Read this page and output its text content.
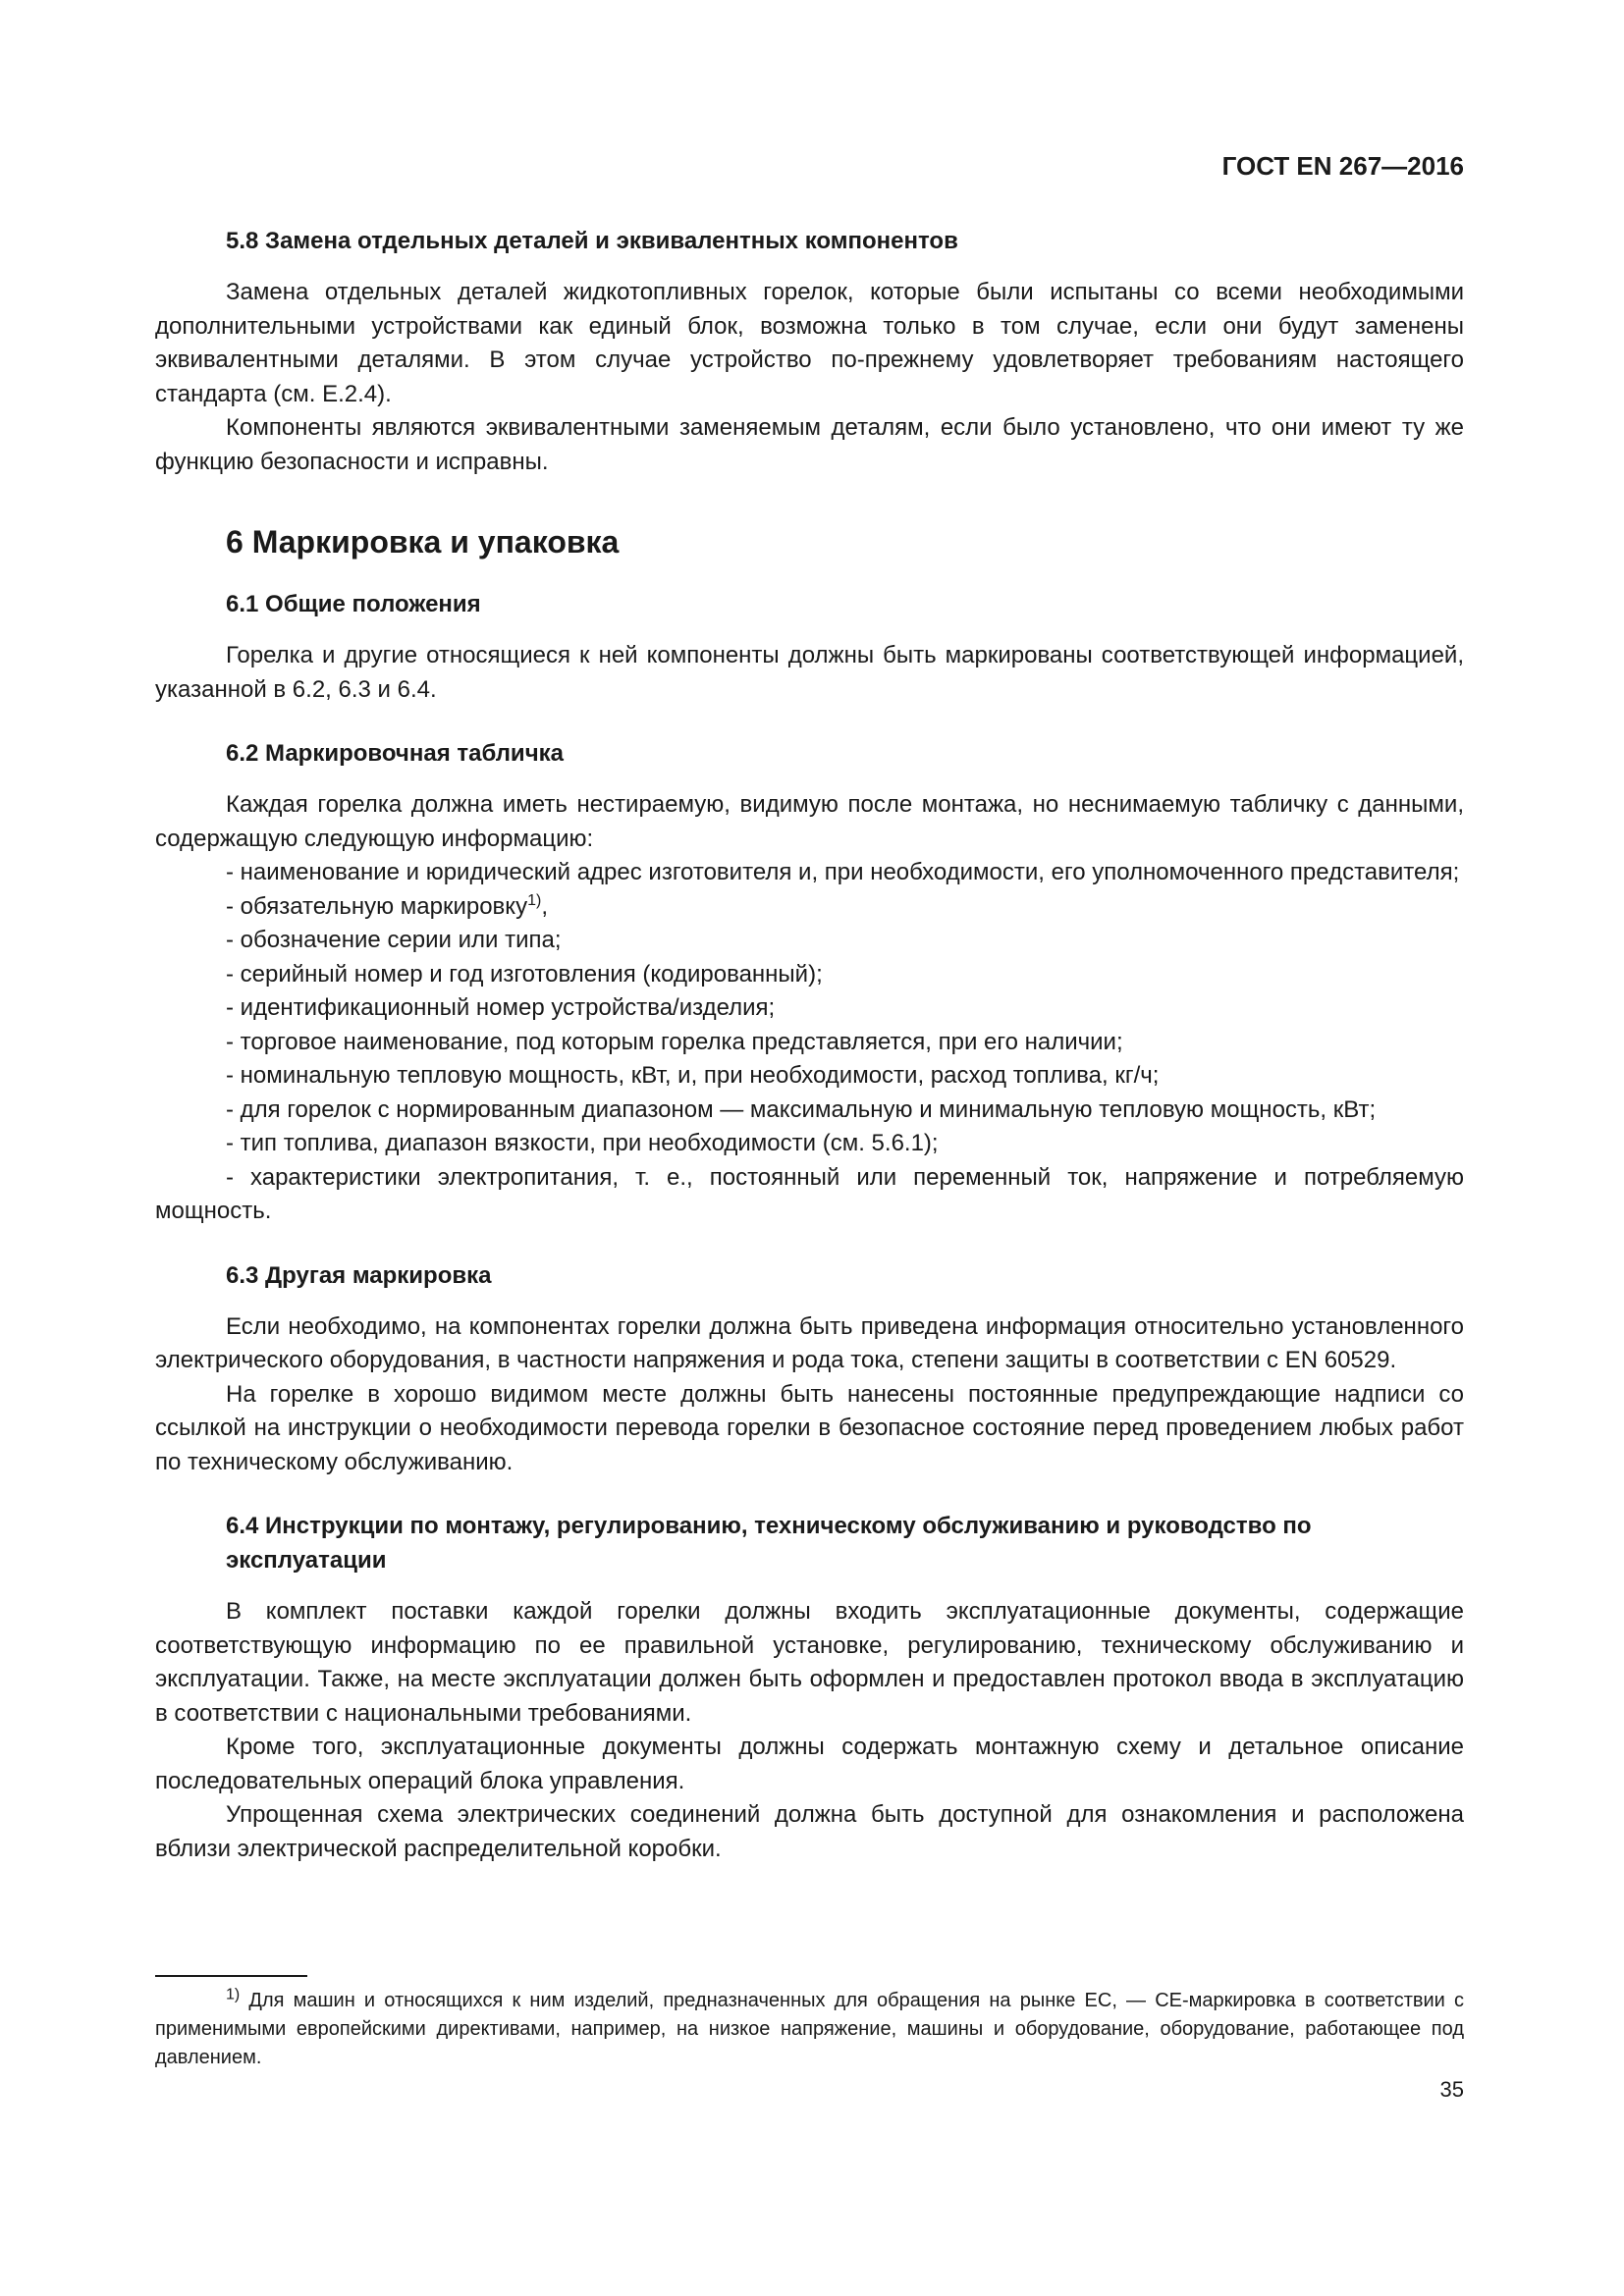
ГОСТ EN 267—2016
5.8 Замена отдельных деталей и эквивалентных компонентов

Замена отдельных деталей жидкотопливных горелок, которые были испытаны со всеми необходимыми дополнительными устройствами как единый блок, возможна только в том случае, если они будут заменены эквивалентными деталями. В этом случае устройство по-прежнему удовлетворяет требованиям настоящего стандарта (см. Е.2.4).

Компоненты являются эквивалентными заменяемым деталям, если было установлено, что они имеют ту же функцию безопасности и исправны.

6 Маркировка и упаковка
6.1 Общие положения

Горелка и другие относящиеся к ней компоненты должны быть маркированы соответствующей информацией, указанной в 6.2, 6.3 и 6.4.

6.2 Маркировочная табличка

Каждая горелка должна иметь нестираемую, видимую после монтажа, но неснимаемую табличку с данными, содержащую следующую информацию:

- наименование и юридический адрес изготовителя и, при необходимости, его уполномоченного представителя;

- обязательную маркировку$^{1)}$,

- обозначение серии или типа;

- серийный номер и год изготовления (кодированный);

- идентификационный номер устройства/изделия;

- торговое наименование, под которым горелка представляется, при его наличии;

- номинальную тепловую мощность, кВт, и, при необходимости, расход топлива, кг/ч;

- для горелок с нормированным диапазоном — максимальную и минимальную тепловую мощность, кВт;

- тип топлива, диапазон вязкости, при необходимости (см. 5.6.1);

- характеристики электропитания, т. е., постоянный или переменный ток, напряжение и потребляемую мощность.

6.3 Другая маркировка

Если необходимо, на компонентах горелки должна быть приведена информация относительно установленного электрического оборудования, в частности напряжения и рода тока, степени защиты в соответствии с EN 60529.

На горелке в хорошо видимом месте должны быть нанесены постоянные предупреждающие надписи со ссылкой на инструкции о необходимости перевода горелки в безопасное состояние перед проведением любых работ по техническому обслуживанию.

6.4 Инструкции по монтажу, регулированию, техническому обслуживанию и руководство по эксплуатации

В комплект поставки каждой горелки должны входить эксплуатационные документы, содержащие соответствующую информацию по ее правильной установке, регулированию, техническому обслуживанию и эксплуатации. Также, на месте эксплуатации должен быть оформлен и предоставлен протокол ввода в эксплуатацию в соответствии с национальными требованиями.

Кроме того, эксплуатационные документы должны содержать монтажную схему и детальное описание последовательных операций блока управления.

Упрощенная схема электрических соединений должна быть доступной для ознакомления и расположена вблизи электрической распределительной коробки.

$^{1)}$ Для машин и относящихся к ним изделий, предназначенных для обращения на рынке ЕС, — СЕ-маркировка в соответствии с применимыми европейскими директивами, например, на низкое напряжение, машины и оборудование, оборудование, работающее под давлением.
35
